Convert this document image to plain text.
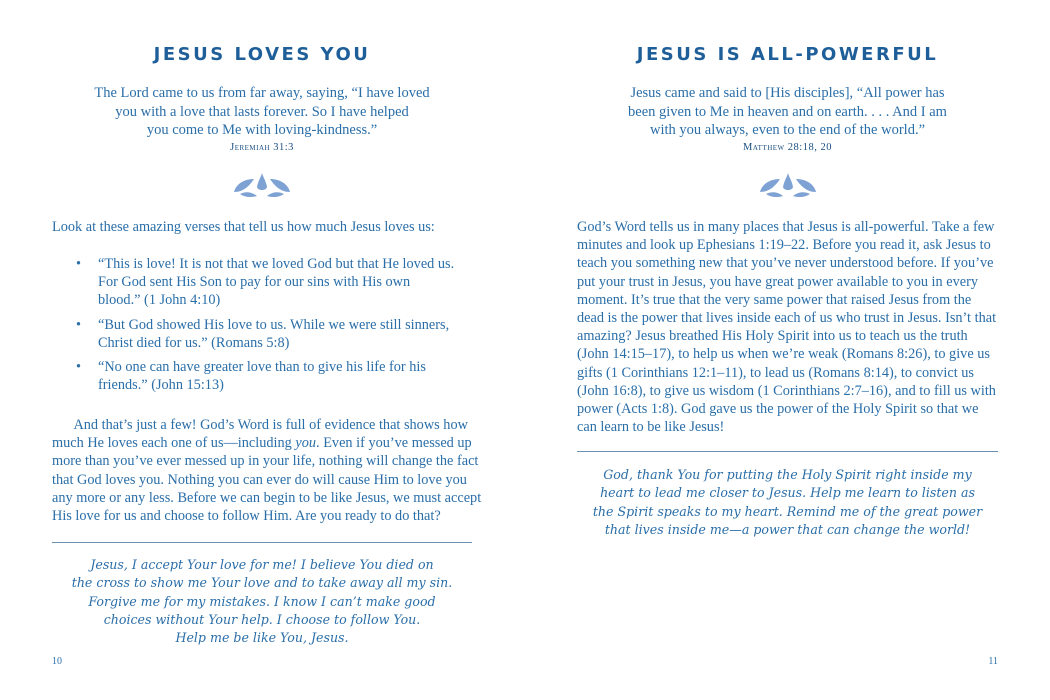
JESUS LOVES YOU

The Lord came to us from far away, saying, “I have loved
you with a love that lasts forever. So I have helped
you come to Me with loving-kindness.”
Jeremiah 31:3

Look at these amazing verses that tell us how much Jesus loves us:

• “This is love! It is not that we loved God but that He loved us. For God sent His Son to pay for our sins with His own blood.” (1 John 4:10)
• “But God showed His love to us. While we were still sinners, Christ died for us.” (Romans 5:8)
• “No one can have greater love than to give his life for his friends.” (John 15:13)

  And that’s just a few! God’s Word is full of evidence that shows how
much He loves each one of us—including you. Even if you’ve messed up
more than you’ve ever messed up in your life, nothing will change the fact
that God loves you. Nothing you can ever do will cause Him to love you
any more or any less. Before we can begin to be like Jesus, we must accept
His love for us and choose to follow Him. Are you ready to do that?

Jesus, I accept Your love for me! I believe You died on
the cross to show me Your love and to take away all my sin.
Forgive me for my mistakes. I know I can’t make good
choices without Your help. I choose to follow You.
Help me be like You, Jesus.

10
JESUS IS ALL-POWERFUL

Jesus came and said to [His disciples], “All power has
been given to Me in heaven and on earth. . . . And I am
with you always, even to the end of the world.”
Matthew 28:18, 20

God’s Word tells us in many places that Jesus is all-powerful. Take a few
minutes and look up Ephesians 1:19–22. Before you read it, ask Jesus to
teach you something new that you’ve never understood before. If you’ve
put your trust in Jesus, you have great power available to you in every
moment. It’s true that the very same power that raised Jesus from the
dead is the power that lives inside each of us who trust in Jesus. Isn’t that
amazing? Jesus breathed His Holy Spirit into us to teach us the truth
(John 14:15–17), to help us when we’re weak (Romans 8:26), to give us
gifts (1 Corinthians 12:1–11), to lead us (Romans 8:14), to convict us
(John 16:8), to give us wisdom (1 Corinthians 2:7–16), and to fill us with
power (Acts 1:8). God gave us the power of the Holy Spirit so that we
can learn to be like Jesus!

God, thank You for putting the Holy Spirit right inside my
heart to lead me closer to Jesus. Help me learn to listen as
the Spirit speaks to my heart. Remind me of the great power
that lives inside me—a power that can change the world!

11
